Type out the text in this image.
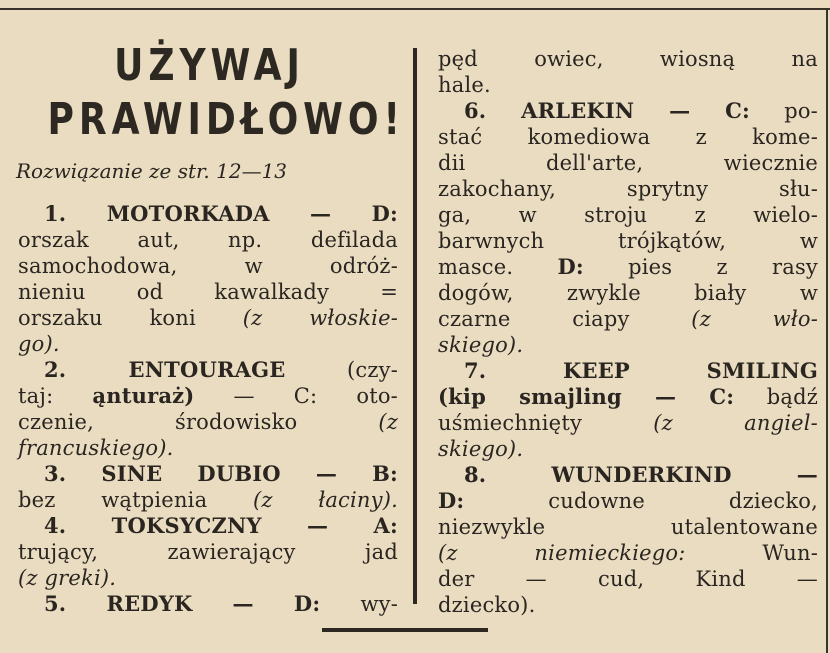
UŻYWAJ
PRAWIDŁOWO!
Rozwiązanie ze str. 12—13
1. MOTORKADA — D:
orszak aut, np. defilada
samochodowa, w odróż-
nieniu od kawalkady =
orszaku koni (z włoskie-
go).
2. ENTOURAGE (czy-
taj: ąnturaż) — C: oto-
czenie, środowisko (z
francuskiego).
3. SINE DUBIO — B:
bez wątpienia (z łaciny).
4. TOKSYCZNY — A:
trujący, zawierający jad
(z greki).
5. REDYK — D: wy-
pęd owiec, wiosną na
hale.
6. ARLEKIN — C: po-
stać komediowa z kome-
dii dell'arte, wiecznie
zakochany, sprytny słu-
ga, w stroju z wielo-
barwnych trójkątów, w
masce. D: pies z rasy
dogów, zwykle biały w
czarne ciapy (z wło-
skiego).
7. KEEP SMILING
(kip smajling — C: bądź
uśmiechnięty (z angiel-
skiego).
8. WUNDERKIND —
D: cudowne dziecko,
niezwykle utalentowane
(z niemieckiego: Wun-
der — cud, Kind —
dziecko).
